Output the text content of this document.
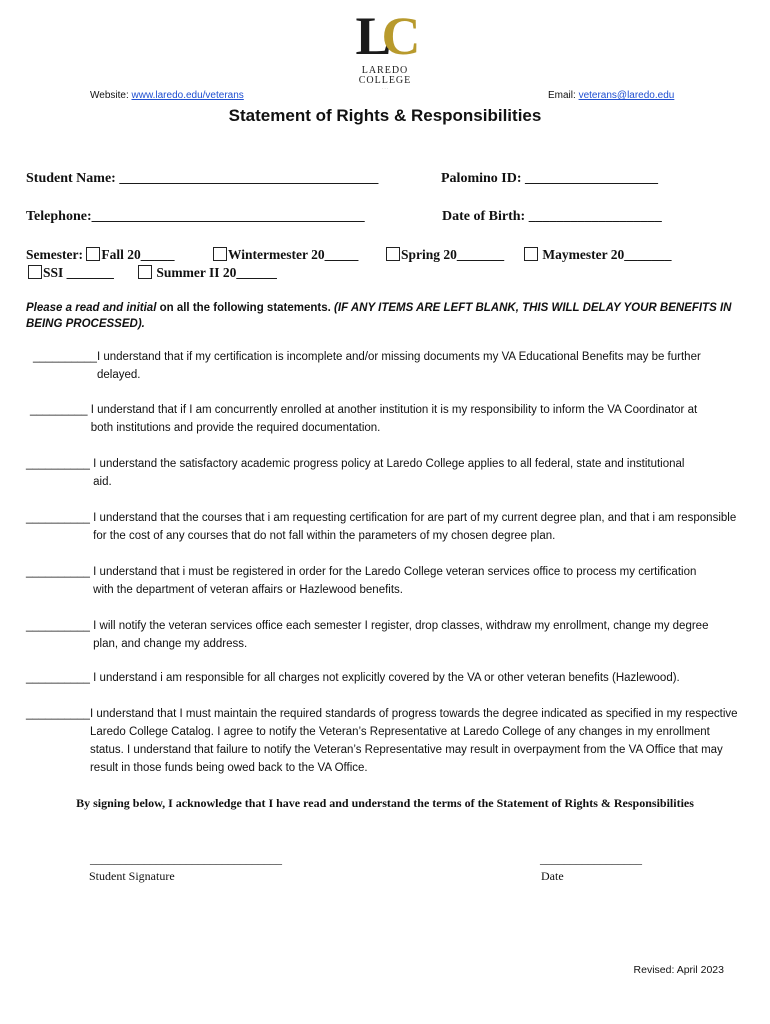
LC
LAREDO
COLLEGE
· · ·
Website: www.laredo.edu/veterans	Email: veterans@laredo.edu
Statement of Rights & Responsibilities
Student Name: _____________________________________	Palomino ID: ___________________
Telephone:_______________________________________	Date of Birth: ___________________
Semester: Fall 20_____	Wintermester 20_____	Spring 20_______	Maymester 20_______
SSI _______	Summer II 20______
Please a read and initial on all the following statements. (IF ANY ITEMS ARE LEFT BLANK, THIS WILL DELAY YOUR BENEFITS IN BEING PROCESSED).
__________ I understand that if my certification is incomplete and/or missing documents my VA Educational Benefits may be further delayed.
_________ I understand that if I am concurrently enrolled at another institution it is my responsibility to inform the VA Coordinator at both institutions and provide the required documentation.
__________ I understand the satisfactory academic progress policy at Laredo College applies to all federal, state and institutional aid.
__________ I understand that the courses that i am requesting certification for are part of my current degree plan, and that i am responsible for the cost of any courses that do not fall within the parameters of my chosen degree plan.
__________ I understand that i must be registered in order for the Laredo College veteran services office to process my certification with the department of veteran affairs or Hazlewood benefits.
__________ I will notify the veteran services office each semester I register, drop classes, withdraw my enrollment, change my degree plan, and change my address.
__________ I understand i am responsible for all charges not explicitly covered by the VA or other veteran benefits (Hazlewood).
__________ I understand that I must maintain the required standards of progress towards the degree indicated as specified in my respective Laredo College Catalog. I agree to notify the Veteran’s Representative at Laredo College of any changes in my enrollment status. I understand that failure to notify the Veteran’s Representative may result in overpayment from the VA Office that may result in those funds being owed back to the VA Office.
By signing below, I acknowledge that I have read and understand the terms of the Statement of Rights & Responsibilities
________________________________
Student Signature
_________________
Date
Revised: April 2023
